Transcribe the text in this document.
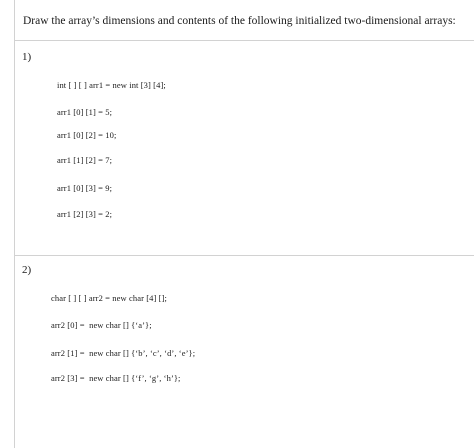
Draw the array’s dimensions and contents of the following initialized two-dimensional arrays:
1)
int [ ] [ ] arr1 = new int [3] [4];
arr1 [0] [1] = 5;
arr1 [0] [2] = 10;
arr1 [1] [2] = 7;
arr1 [0] [3] = 9;
arr1 [2] [3] = 2;
2)
char [ ] [ ] arr2 = new char [4] [];
arr2 [0] =  new char [] {‘a’};
arr2 [1] =  new char [] {‘b’, ‘c’, ‘d’, ‘e’};
arr2 [3] =  new char [] {‘f’, ‘g’, ‘h’};
